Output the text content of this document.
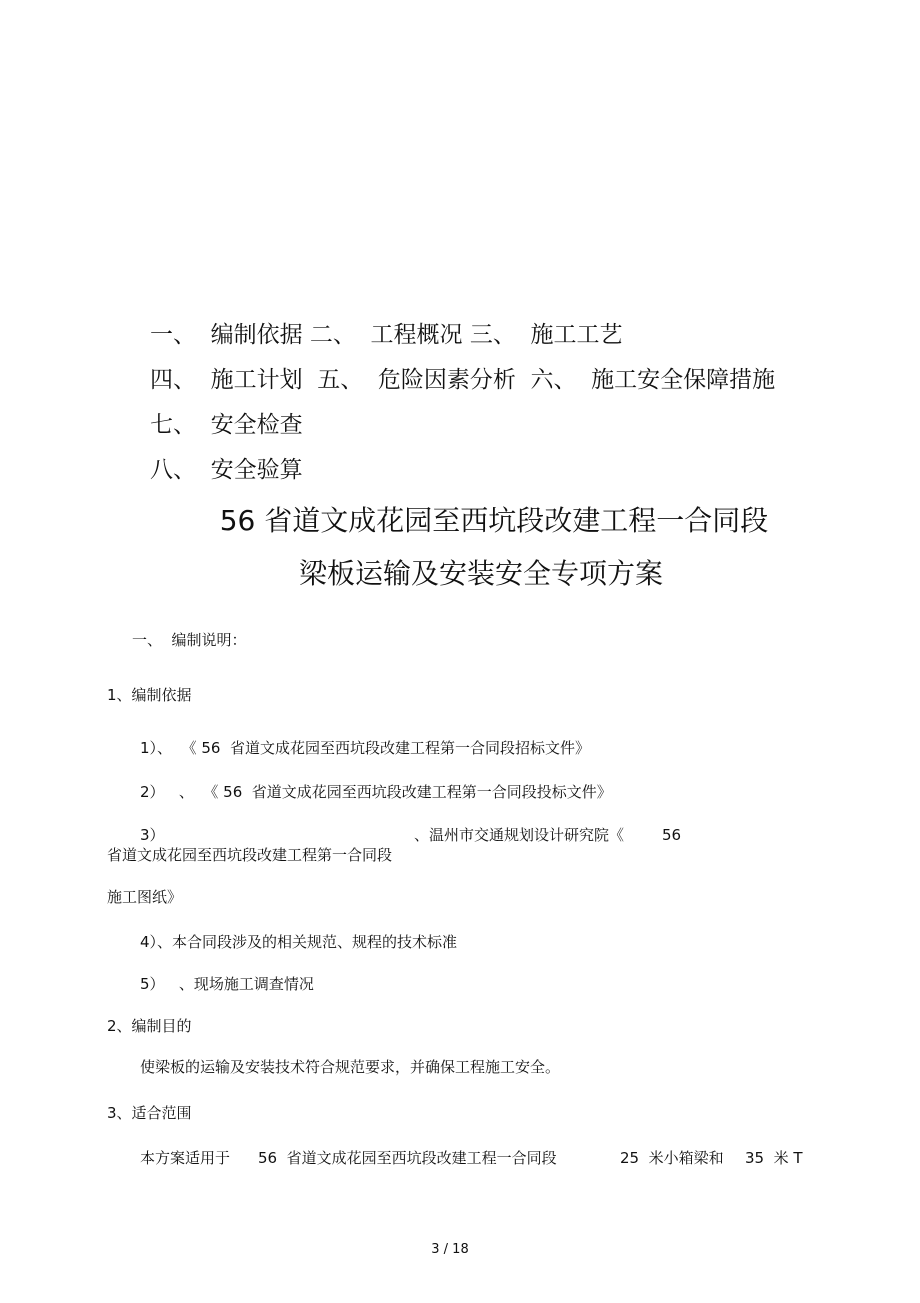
一、  编制依据 二、  工程概况 三、  施工工艺
四、  施工计划  五、  危险因素分析  六、  施工安全保障措施
七、  安全检查
八、  安全验算
56 省道文成花园至西坑段改建工程一合同段
梁板运输及安装安全专项方案
一、  编制说明：
1、编制依据
1）、  《 56  省道文成花园至西坑段改建工程第一合同段招标文件》
2）   、  《 56  省道文成花园至西坑段改建工程第一合同段投标文件》
3）	、温州市交通规划设计研究院《	56
省道文成花园至西坑段改建工程第一合同段
施工图纸》
4）、本合同段涉及的相关规范、规程的技术标准
5）   、现场施工调查情况
2、编制目的
使梁板的运输及安装技术符合规范要求，并确保工程施工安全。
3、适合范围
本方案适用于 56  省道文成花园至西坑段改建工程一合同段	25  米小箱梁和 35  米 T
3 / 18
